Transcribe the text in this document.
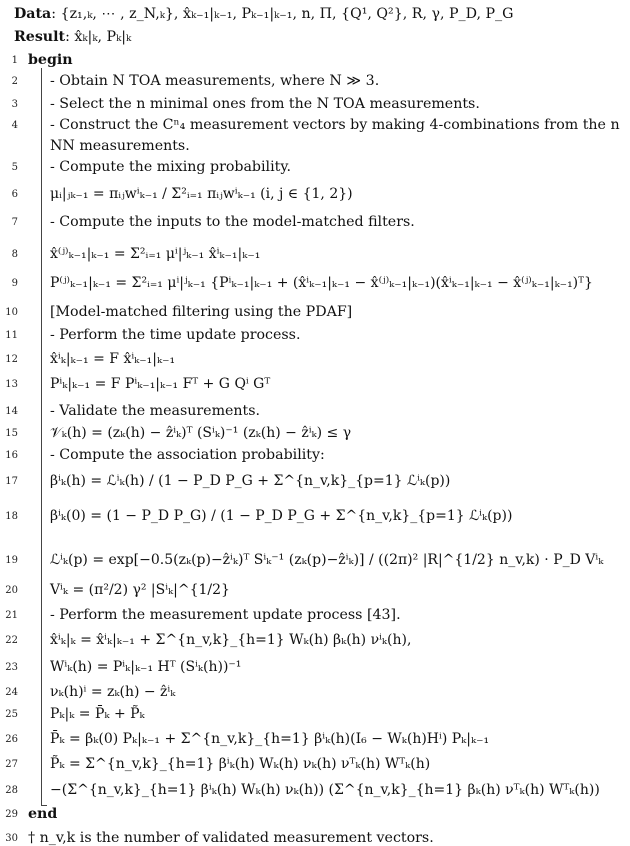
Data: {z₁,ₖ, ⋯ , z_N,ₖ}, x̂ₖ₋₁|ₖ₋₁, Pₖ₋₁|ₖ₋₁, n, Π, {Q¹, Q²}, R, γ, P_D, P_G
Result: x̂ₖ|ₖ, Pₖ|ₖ
1 begin
2 - Obtain N TOA measurements, where N ≫ 3.
3 - Select the n minimal ones from the N TOA measurements.
4 - Construct the Cⁿ₄ measurement vectors by making 4-combinations from the n
NN measurements.
5 - Compute the mixing probability.
6 μᵢ|ⱼₖ₋₁ = πᵢⱼwⁱₖ₋₁ / Σ²ᵢ₌₁ πᵢⱼwⁱₖ₋₁ (i, j ∈ {1, 2})
7 - Compute the inputs to the model-matched filters.
8 x̂⁽ʲ⁾ₖ₋₁|ₖ₋₁ = Σ²ᵢ₌₁ μⁱ|ʲₖ₋₁ x̂ⁱₖ₋₁|ₖ₋₁
9 P⁽ʲ⁾ₖ₋₁|ₖ₋₁ = Σ²ᵢ₌₁ μⁱ|ʲₖ₋₁ {Pⁱₖ₋₁|ₖ₋₁ + (x̂ⁱₖ₋₁|ₖ₋₁ − x̂⁽ʲ⁾ₖ₋₁|ₖ₋₁)(x̂ⁱₖ₋₁|ₖ₋₁ − x̂⁽ʲ⁾ₖ₋₁|ₖ₋₁)ᵀ}
10 [Model-matched filtering using the PDAF]
11 - Perform the time update process.
12 x̂ⁱₖ|ₖ₋₁ = F x̂ⁱₖ₋₁|ₖ₋₁
13 Pⁱₖ|ₖ₋₁ = F Pⁱₖ₋₁|ₖ₋₁ Fᵀ + G Qⁱ Gᵀ
14 - Validate the measurements.
15 𝒱ₖ(h) = (zₖ(h) − ẑⁱₖ)ᵀ (Sⁱₖ)⁻¹ (zₖ(h) − ẑⁱₖ) ≤ γ
16 - Compute the association probability:
17 βⁱₖ(h) = ℒⁱₖ(h) / (1 − P_D P_G + Σ^{n_v,k}_{p=1} ℒⁱₖ(p))
18 βⁱₖ(0) = (1 − P_D P_G) / (1 − P_D P_G + Σ^{n_v,k}_{p=1} ℒⁱₖ(p))
19 ℒⁱₖ(p) = exp[−0.5(zₖ(p)−ẑⁱₖ)ᵀ Sⁱₖ⁻¹ (zₖ(p)−ẑⁱₖ)] / ((2π)² |R|^{1/2} n_v,k) · P_D Vⁱₖ
20 Vⁱₖ = (π²/2) γ² |Sⁱₖ|^{1/2}
21 - Perform the measurement update process [43].
22 x̂ⁱₖ|ₖ = x̂ⁱₖ|ₖ₋₁ + Σ^{n_v,k}_{h=1} Wₖ(h) βₖ(h) νⁱₖ(h),
23 Wⁱₖ(h) = Pⁱₖ|ₖ₋₁ Hᵀ (Sⁱₖ(h))⁻¹
24 νₖ(h)ⁱ = zₖ(h) − ẑⁱₖ
25 Pₖ|ₖ = P̄ₖ + P̃ₖ
26 P̄ₖ = βₖ(0) Pₖ|ₖ₋₁ + Σ^{n_v,k}_{h=1} βⁱₖ(h)(I₆ − Wₖ(h)Hⁱ) Pₖ|ₖ₋₁
27 P̃ₖ = Σ^{n_v,k}_{h=1} βⁱₖ(h) Wₖ(h) νₖ(h) νᵀₖ(h) Wᵀₖ(h)
28 −(Σ^{n_v,k}_{h=1} βⁱₖ(h) Wₖ(h) νₖ(h)) (Σ^{n_v,k}_{h=1} βₖ(h) νᵀₖ(h) Wᵀₖ(h))
29 end
30 † n_v,k is the number of validated measurement vectors.
